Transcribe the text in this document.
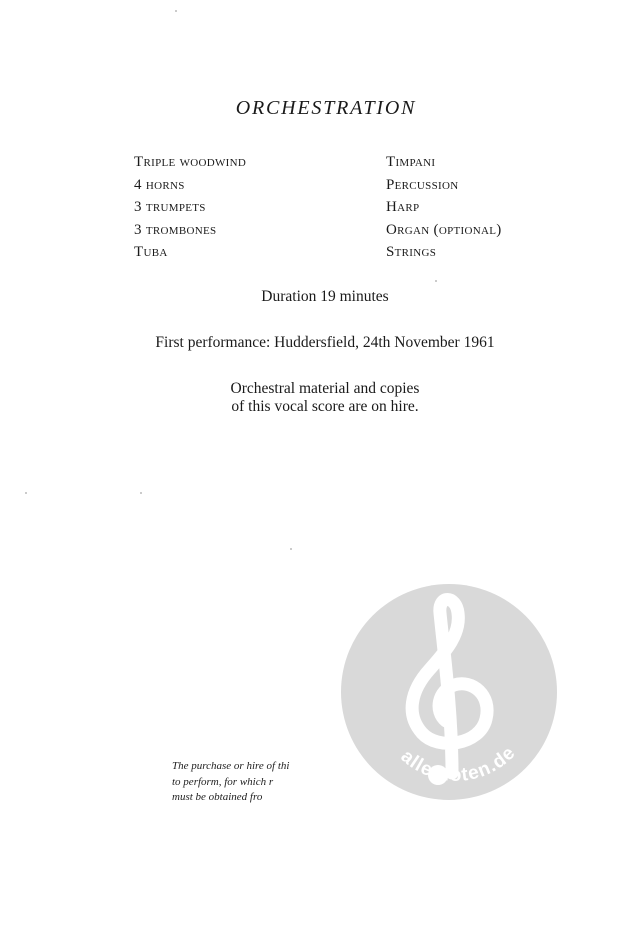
ORCHESTRATION
Triple woodwind
4 horns
3 trumpets
3 trombones
Tuba
Timpani
Percussion
Harp
Organ (optional)
Strings
Duration 19 minutes
First performance: Huddersfield, 24th November 1961
Orchestral material and copies
of this vocal score are on hire.
alle-noten.de
The purchase or hire of thi
to perform, for which r
must be obtained fro
